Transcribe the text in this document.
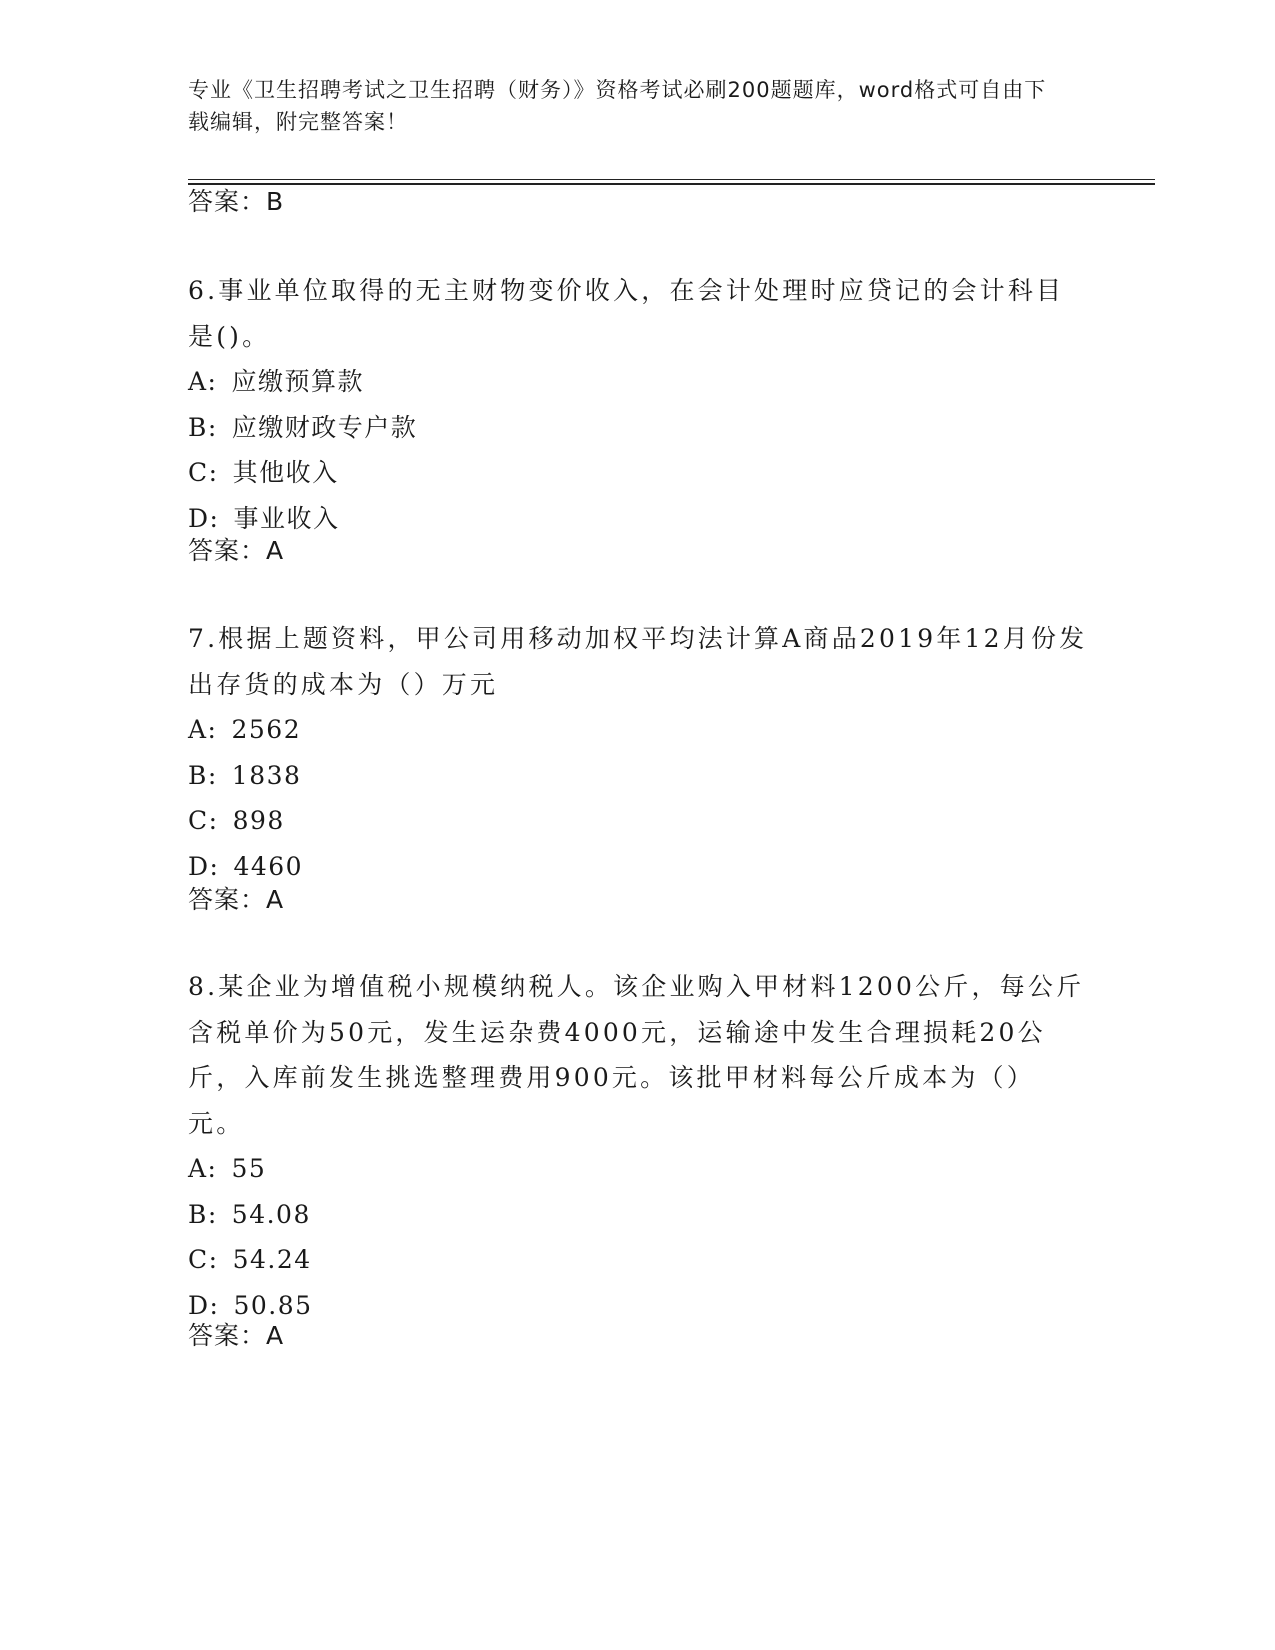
专业《卫生招聘考试之卫生招聘（财务）》资格考试必刷200题题库，word格式可自由下载编辑，附完整答案！
答案：B

6.事业单位取得的无主财物变价收入，在会计处理时应贷记的会计科目是()。

A: 应缴预算款
B: 应缴财政专户款
C: 其他收入
D: 事业收入
答案：A

7.根据上题资料，甲公司用移动加权平均法计算A商品2019年12月份发出存货的成本为（）万元

A: 2562
B: 1838
C: 898
D: 4460
答案：A

8.某企业为增值税小规模纳税人。该企业购入甲材料1200公斤，每公斤含税单价为50元，发生运杂费4000元，运输途中发生合理损耗20公斤，入库前发生挑选整理费用900元。该批甲材料每公斤成本为（）元。

A: 55
B: 54.08
C: 54.24
D: 50.85
答案：A
